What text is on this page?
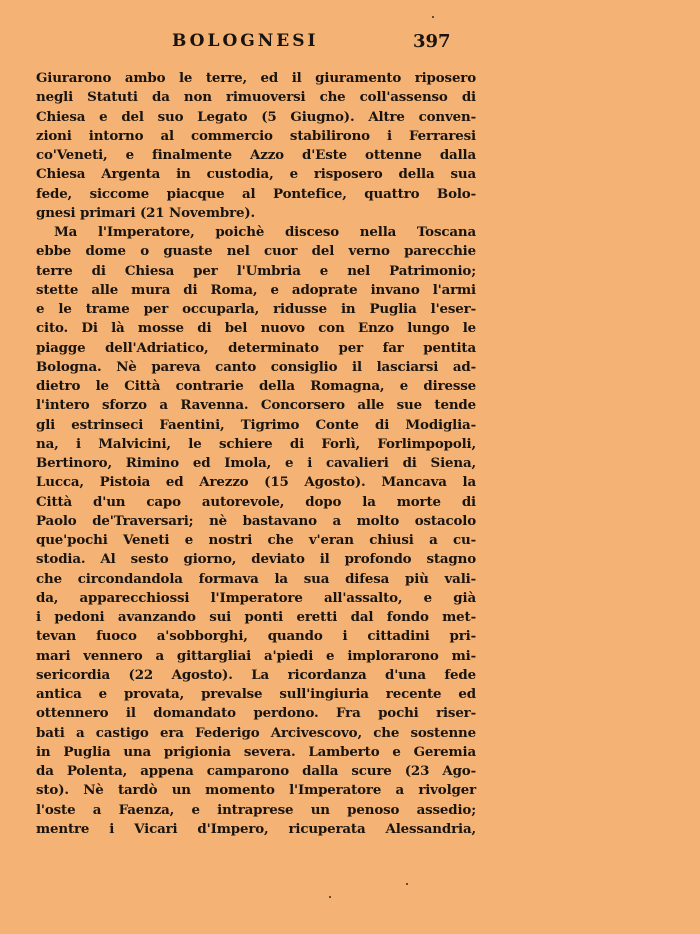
BOLOGNESI	397
Giurarono ambo le terre, ed il giuramento riposero
negli Statuti da non rimuoversi che coll'assenso di
Chiesa e del suo Legato (5 Giugno). Altre conven-
zioni intorno al commercio stabilirono i Ferraresi
co'Veneti, e finalmente Azzo d'Este ottenne dalla
Chiesa Argenta in custodia, e risposero della sua
fede, siccome piacque al Pontefice, quattro Bolo-
gnesi primari (21 Novembre).
Ma l'Imperatore, poichè disceso nella Toscana
ebbe dome o guaste nel cuor del verno parecchie
terre di Chiesa per l'Umbria e nel Patrimonio;
stette alle mura di Roma, e adoprate invano l'armi
e le trame per occuparla, ridusse in Puglia l'eser-
cito. Di là mosse di bel nuovo con Enzo lungo le
piagge dell'Adriatico, determinato per far pentita
Bologna. Nè pareva canto consiglio il lasciarsi ad-
dietro le Città contrarie della Romagna, e diresse
l'intero sforzo a Ravenna. Concorsero alle sue tende
gli estrinseci Faentini, Tigrimo Conte di Modiglia-
na, i Malvicini, le schiere di Forlì, Forlimpopoli,
Bertinoro, Rimino ed Imola, e i cavalieri di Siena,
Lucca, Pistoia ed Arezzo (15 Agosto). Mancava la
Città d'un capo autorevole, dopo la morte di
Paolo de'Traversari; nè bastavano a molto ostacolo
que'pochi Veneti e nostri che v'eran chiusi a cu-
stodia. Al sesto giorno, deviato il profondo stagno
che circondandola formava la sua difesa più vali-
da, apparecchiossi l'Imperatore all'assalto, e già
i pedoni avanzando sui ponti eretti dal fondo met-
tevan fuoco a'sobborghi, quando i cittadini pri-
mari vennero a gittargliai a'piedi e implorarono mi-
sericordia (22 Agosto). La ricordanza d'una fede
antica e provata, prevalse sull'ingiuria recente ed
ottennero il domandato perdono. Fra pochi riser-
bati a castigo era Federigo Arcivescovo, che sostenne
in Puglia una prigionia severa. Lamberto e Geremia
da Polenta, appena camparono dalla scure (23 Ago-
sto). Nè tardò un momento l'Imperatore a rivolger
l'oste a Faenza, e intraprese un penoso assedio;
mentre i Vicari d'Impero, ricuperata Alessandria,
